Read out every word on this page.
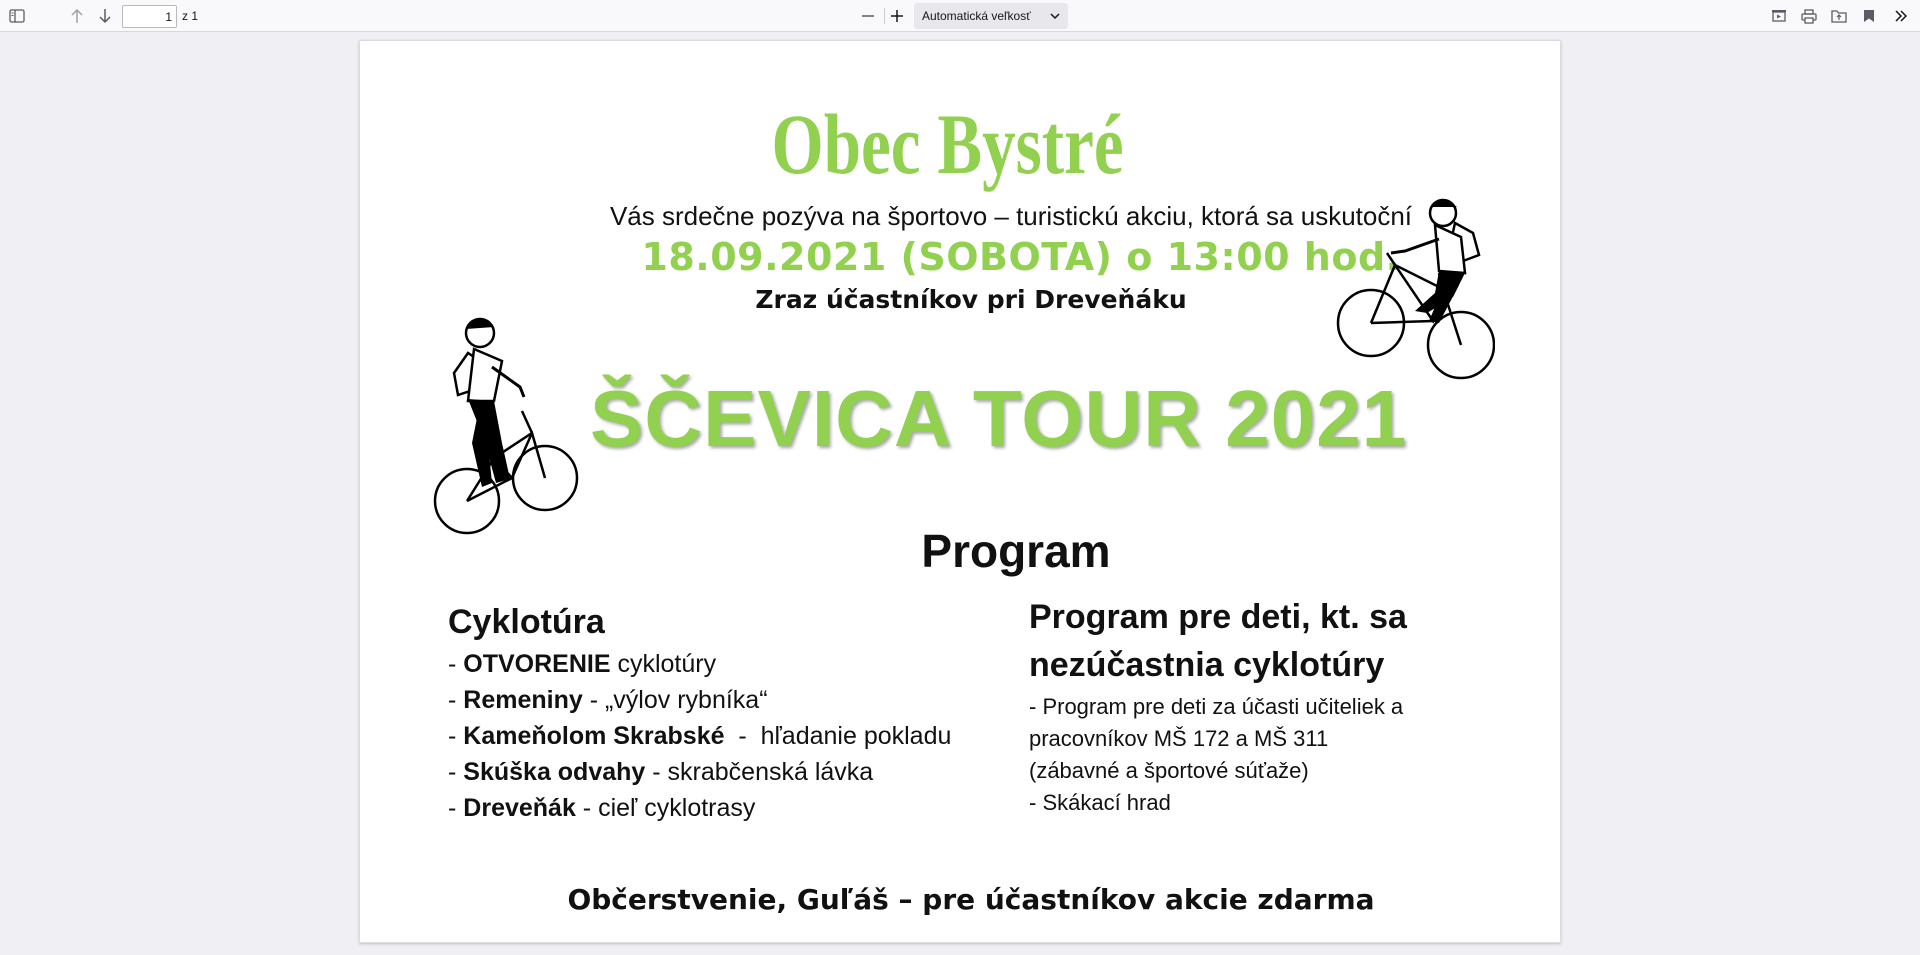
1
z 1	Automatická veľkosť
Obec Bystré
Vás srdečne pozýva na športovo – turistickú akciu, ktorá sa uskutoční
18.09.2021 (SOBOTA) o 13:00 hod.
Zraz účastníkov pri Dreveňáku
ŠČEVICA TOUR 2021
Program
Cyklotúra
- OTVORENIE cyklotúry
- Remeniny - „výlov rybníka“
- Kameňolom Skrabské  -  hľadanie pokladu
- Skúška odvahy - skrabčenská lávka
- Dreveňák - cieľ cyklotrasy
Program pre deti, kt. sa
nezúčastnia cyklotúry
- Program pre deti za účasti učiteliek a
pracovníkov MŠ 172 a MŠ 311
(zábavné a športové súťaže)
- Skákací hrad
Občerstvenie, Guľáš – pre účastníkov akcie zdarma
